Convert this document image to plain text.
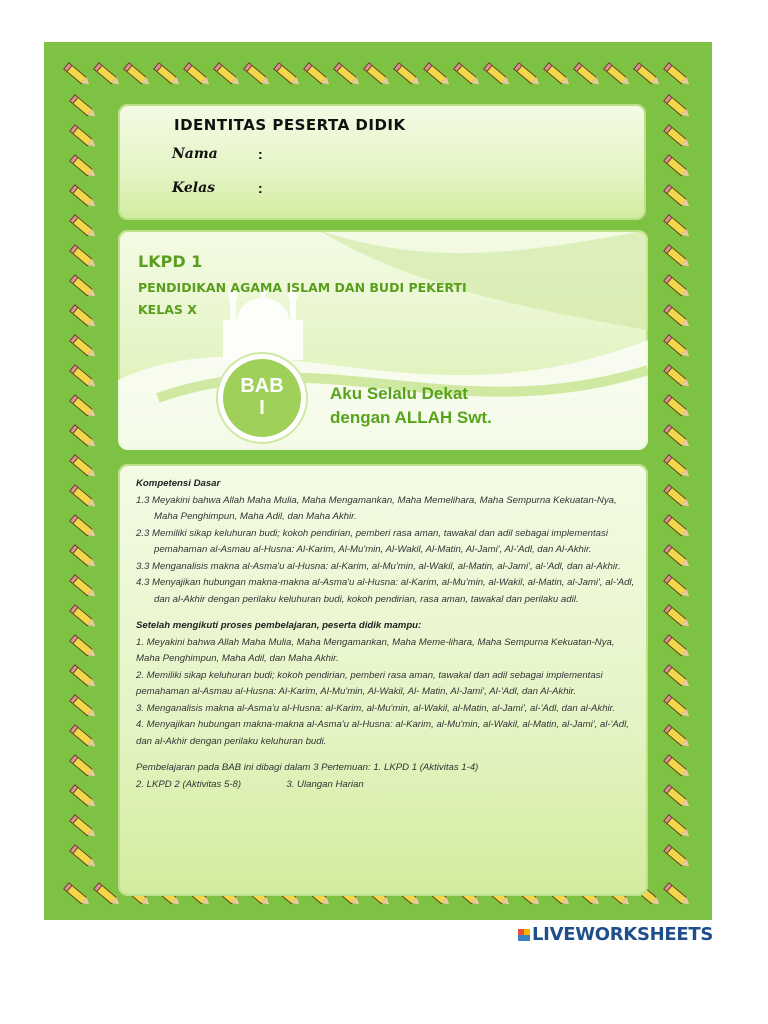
IDENTITAS PESERTA DIDIK
Nama	:
Kelas	:
LKPD 1
PENDIDIKAN AGAMA ISLAM DAN BUDI PEKERTI
KELAS X
BAB
I
Aku Selalu Dekat
dengan ALLAH Swt.

Kompetensi Dasar

1.3 Meyakini bahwa Allah Maha Mulia, Maha Mengamankan, Maha Memelihara, Maha Sempurna Kekuatan-Nya, Maha Penghimpun, Maha Adil, dan Maha Akhir.

2.3 Memiliki sikap keluhuran budi; kokoh pendirian, pemberi rasa aman, tawakal dan adil sebagai implementasi pemahaman al-Asmau al-Husna: Al-Karim, Al-Mu'min, Al-Wakil, Al-Matin, Al-Jami', Al-'Adl, dan Al-Akhir.

3.3 Menganalisis makna al-Asma'u al-Husna: al-Karim, al-Mu'min, al-Wakil, al-Matin, al-Jami', al-'Adl, dan al-Akhir.

4.3 Menyajikan hubungan makna-makna al-Asma'u al-Husna: al-Karim, al-Mu'min, al-Wakil, al-Matin, al-Jami', al-'Adl, dan al-Akhir dengan perilaku keluhuran budi, kokoh pendirian, rasa aman, tawakal dan perilaku adil.

Setelah mengikuti proses pembelajaran, peserta didik mampu:

1. Meyakini bahwa Allah Maha Mulia, Maha Mengamankan, Maha Meme-lihara, Maha Sempurna Kekuatan-Nya, Maha Penghimpun, Maha Adil, dan Maha Akhir.

2. Memiliki sikap keluhuran budi; kokoh pendirian, pemberi rasa aman, tawakal dan adil sebagai implementasi pemahaman al-Asmau al-Husna: Al-Karim, Al-Mu'min, Al-Wakil, Al- Matin, Al-Jami', Al-'Adl, dan Al-Akhir.

3. Menganalisis makna al-Asma'u al-Husna: al-Karim, al-Mu'min, al-Wakil, al-Matin, al-Jami', al-'Adl, dan al-Akhir.

4. Menyajikan hubungan makna-makna al-Asma'u al-Husna: al-Karim, al-Mu'min, al-Wakil, al-Matin, al-Jami', al-'Adl, dan al-Akhir dengan perilaku keluhuran budi.

Pembelajaran pada BAB ini dibagi dalam 3 Pertemuan: 1. LKPD 1 (Aktivitas 1-4)

2. LKPD 2 (Aktivitas 5-8)	3. Ulangan Harian

LIVEWORKSHEETS
